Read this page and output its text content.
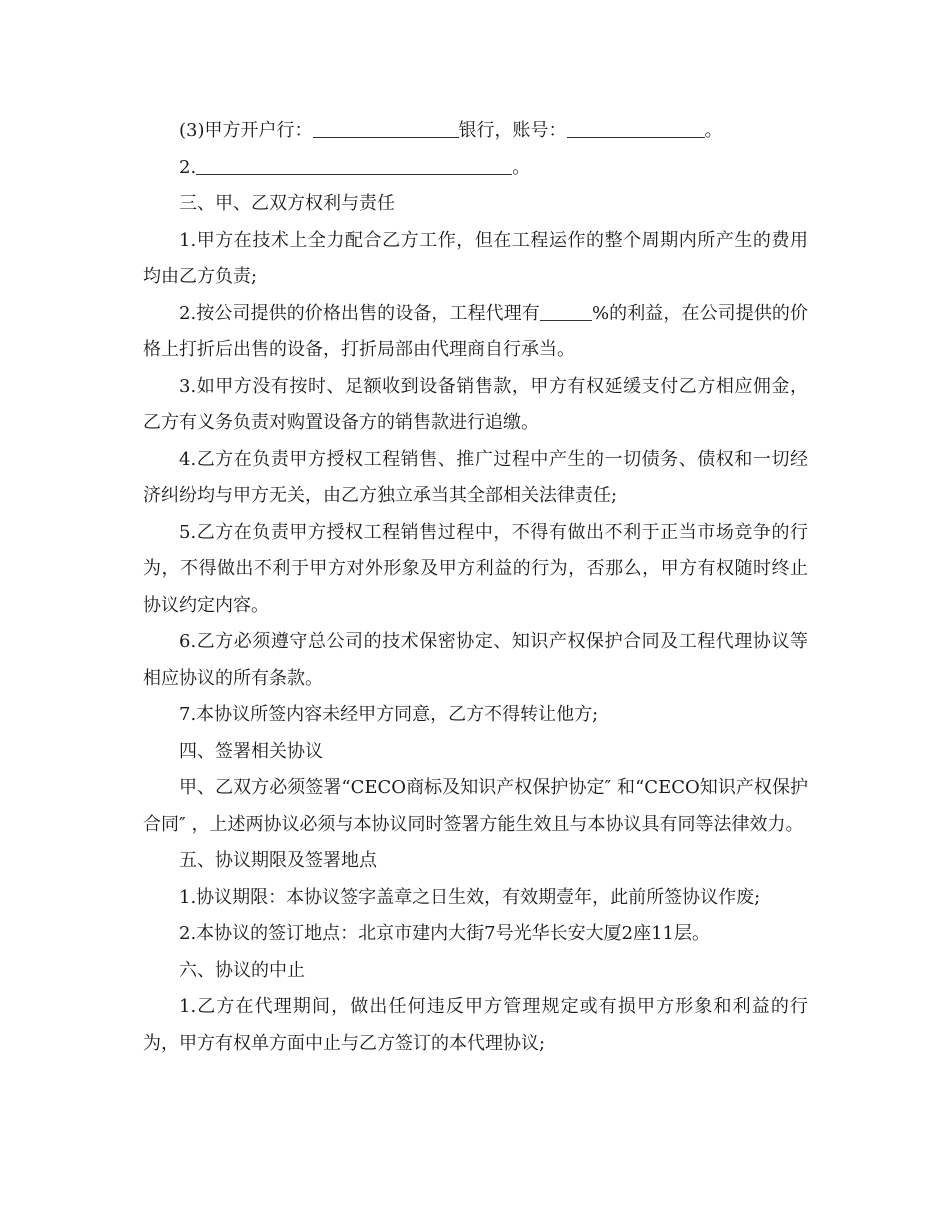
(3)甲方开户行：	银行，账号：	。

2.	。

三、甲、乙双方权利与责任

1.甲方在技术上全力配合乙方工作，但在工程运作的整个周期内所产生的费用均由乙方负责;

2.按公司提供的价格出售的设备，工程代理有	%的利益，在公司提供的价格上打折后出售的设备，打折局部由代理商自行承当。

3.如甲方没有按时、足额收到设备销售款，甲方有权延缓支付乙方相应佣金，乙方有义务负责对购置设备方的销售款进行追缴。

4.乙方在负责甲方授权工程销售、推广过程中产生的一切债务、债权和一切经济纠纷均与甲方无关，由乙方独立承当其全部相关法律责任;

5.乙方在负责甲方授权工程销售过程中，不得有做出不利于正当市场竞争的行为，不得做出不利于甲方对外形象及甲方利益的行为，否那么，甲方有权随时终止协议约定内容。

6.乙方必须遵守总公司的技术保密协定、知识产权保护合同及工程代理协议等相应协议的所有条款。

7.本协议所签内容未经甲方同意，乙方不得转让他方;

四、签署相关协议

甲、乙双方必须签署“CECO商标及知识产权保护协定″ 和“CECO知识产权保护合同″ ，上述两协议必须与本协议同时签署方能生效且与本协议具有同等法律效力。

五、协议期限及签署地点

1.协议期限：本协议签字盖章之日生效，有效期壹年，此前所签协议作废;

2.本协议的签订地点：北京市建内大街7号光华长安大厦2座11层。

六、协议的中止

1.乙方在代理期间，做出任何违反甲方管理规定或有损甲方形象和利益的行为，甲方有权单方面中止与乙方签订的本代理协议;
